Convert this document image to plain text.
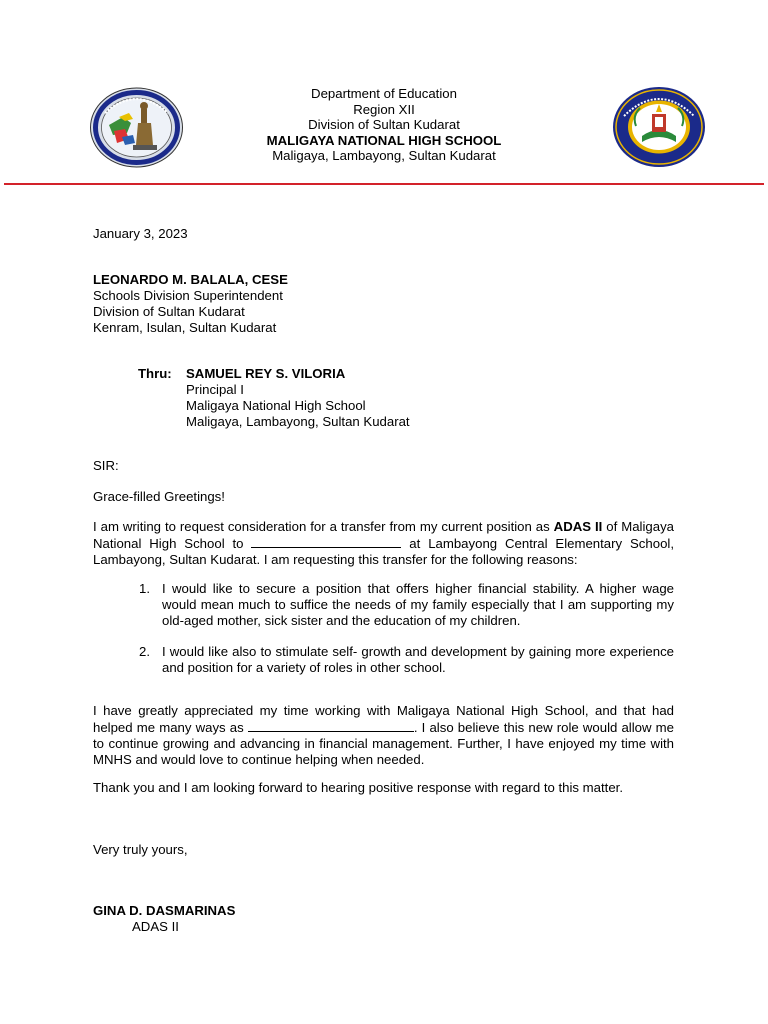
Department of Education
Region XII
Division of Sultan Kudarat
MALIGAYA NATIONAL HIGH SCHOOL
Maligaya, Lambayong, Sultan Kudarat
January 3, 2023
LEONARDO M. BALALA, CESE
Schools Division Superintendent
Division of Sultan Kudarat
Kenram, Isulan, Sultan Kudarat
Thru: SAMUEL REY S. VILORIA
Principal I
Maligaya National High School
Maligaya, Lambayong, Sultan Kudarat
SIR:
Grace-filled Greetings!
I am writing to request consideration for a transfer from my current position as ADAS II of Maligaya National High School to	at Lambayong Central Elementary School, Lambayong, Sultan Kudarat. I am requesting this transfer for the following reasons:
1. I would like to secure a position that offers higher financial stability. A higher wage would mean much to suffice the needs of my family especially that I am supporting my old-aged mother, sick sister and the education of my children.
2. I would like also to stimulate self- growth and development by gaining more experience and position for a variety of roles in other school.
I have greatly appreciated my time working with Maligaya National High School, and that had helped me many ways as	. I also believe this new role would allow me to continue growing and advancing in financial management. Further, I have enjoyed my time with MNHS and would love to continue helping when needed.
Thank you and I am looking forward to hearing positive response with regard to this matter.
Very truly yours,
GINA D. DASMARINAS
ADAS II
